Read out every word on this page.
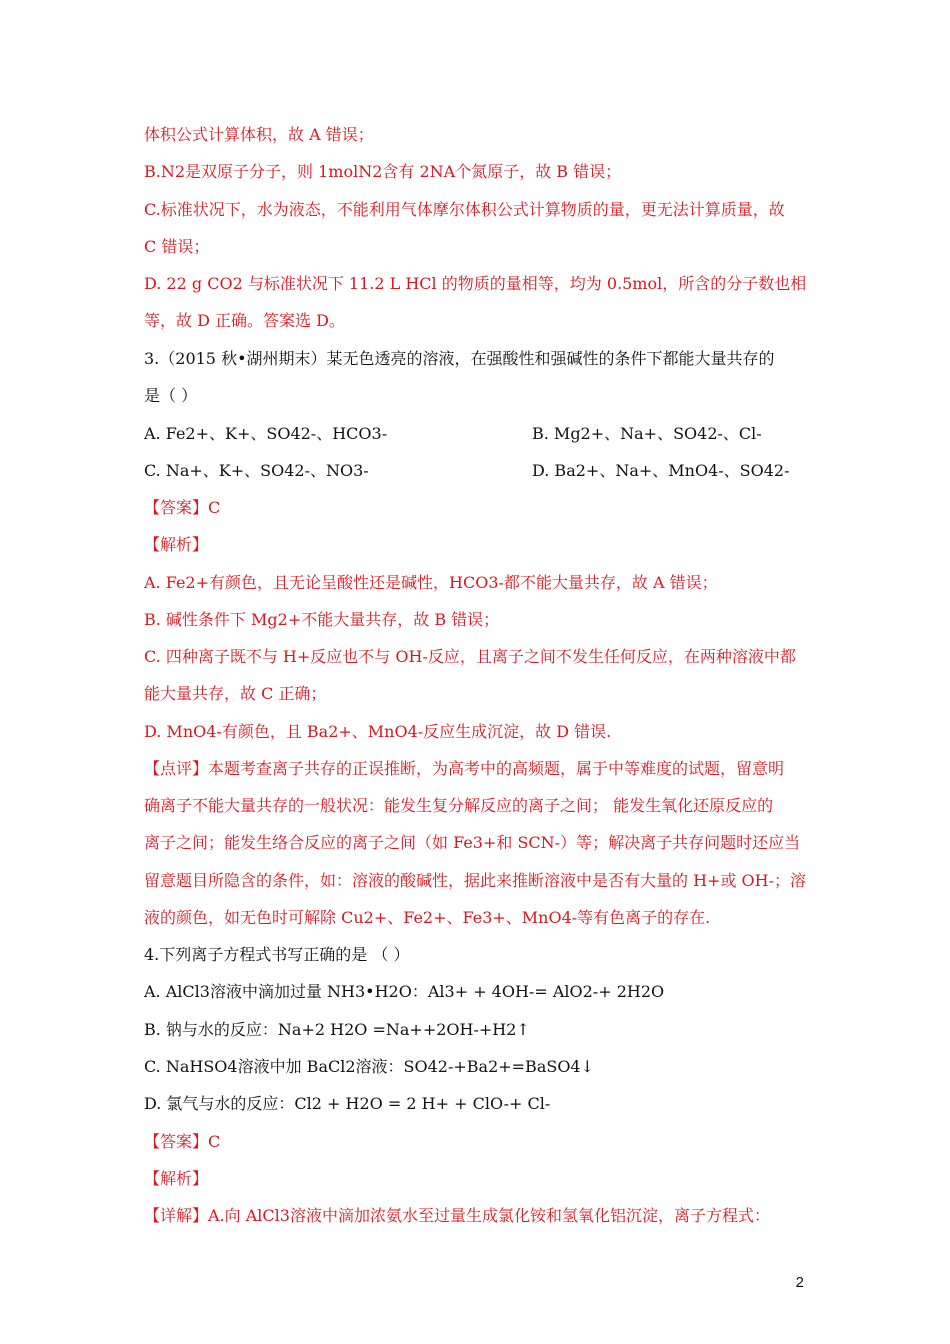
体积公式计算体积，故 A 错误；
B.N2是双原子分子，则 1molN2含有 2NA个氮原子，故 B 错误；
C.标准状况下，水为液态，不能利用气体摩尔体积公式计算物质的量，更无法计算质量，故
C 错误；
D. 22 g CO2 与标准状况下 11.2 L HCl 的物质的量相等，均为 0.5mol，所含的分子数也相
等，故 D 正确。答案选 D。
3.（2015 秋•湖州期末）某无色透亮的溶液，在强酸性和强碱性的条件下都能大量共存的
是（ ）
A. Fe2+、K+、SO42-、HCO3-	B. Mg2+、Na+、SO42-、Cl-
C. Na+、K+、SO42-、NO3-	D. Ba2+、Na+、MnO4-、SO42-
【答案】C
【解析】
A. Fe2+有颜色，且无论呈酸性还是碱性，HCO3-都不能大量共存，故 A 错误；
B. 碱性条件下 Mg2+不能大量共存，故 B 错误；
C. 四种离子既不与 H+反应也不与 OH-反应，且离子之间不发生任何反应，在两种溶液中都
能大量共存，故 C 正确；
D. MnO4-有颜色，且 Ba2+、MnO4-反应生成沉淀，故 D 错误.
【点评】本题考查离子共存的正误推断，为高考中的高频题，属于中等难度的试题，留意明
确离子不能大量共存的一般状况：能发生复分解反应的离子之间； 能发生氧化还原反应的
离子之间；能发生络合反应的离子之间（如 Fe3+和 SCN-）等；解决离子共存问题时还应当
留意题目所隐含的条件，如：溶液的酸碱性，据此来推断溶液中是否有大量的 H+或 OH-；溶
液的颜色，如无色时可解除 Cu2+、Fe2+、Fe3+、MnO4-等有色离子的存在.
4.下列离子方程式书写正确的是 （ ）
A. AlCl3溶液中滴加过量 NH3•H2O：Al3+ + 4OH-= AlO2-+ 2H2O
B. 钠与水的反应：Na+2 H2O =Na++2OH-+H2↑
C. NaHSO4溶液中加 BaCl2溶液：SO42-+Ba2+=BaSO4↓
D. 氯气与水的反应：Cl2 + H2O = 2 H+ + ClO-+ Cl-
【答案】C
【解析】
【详解】A.向 AlCl3溶液中滴加浓氨水至过量生成氯化铵和氢氧化铝沉淀，离子方程式：
2
